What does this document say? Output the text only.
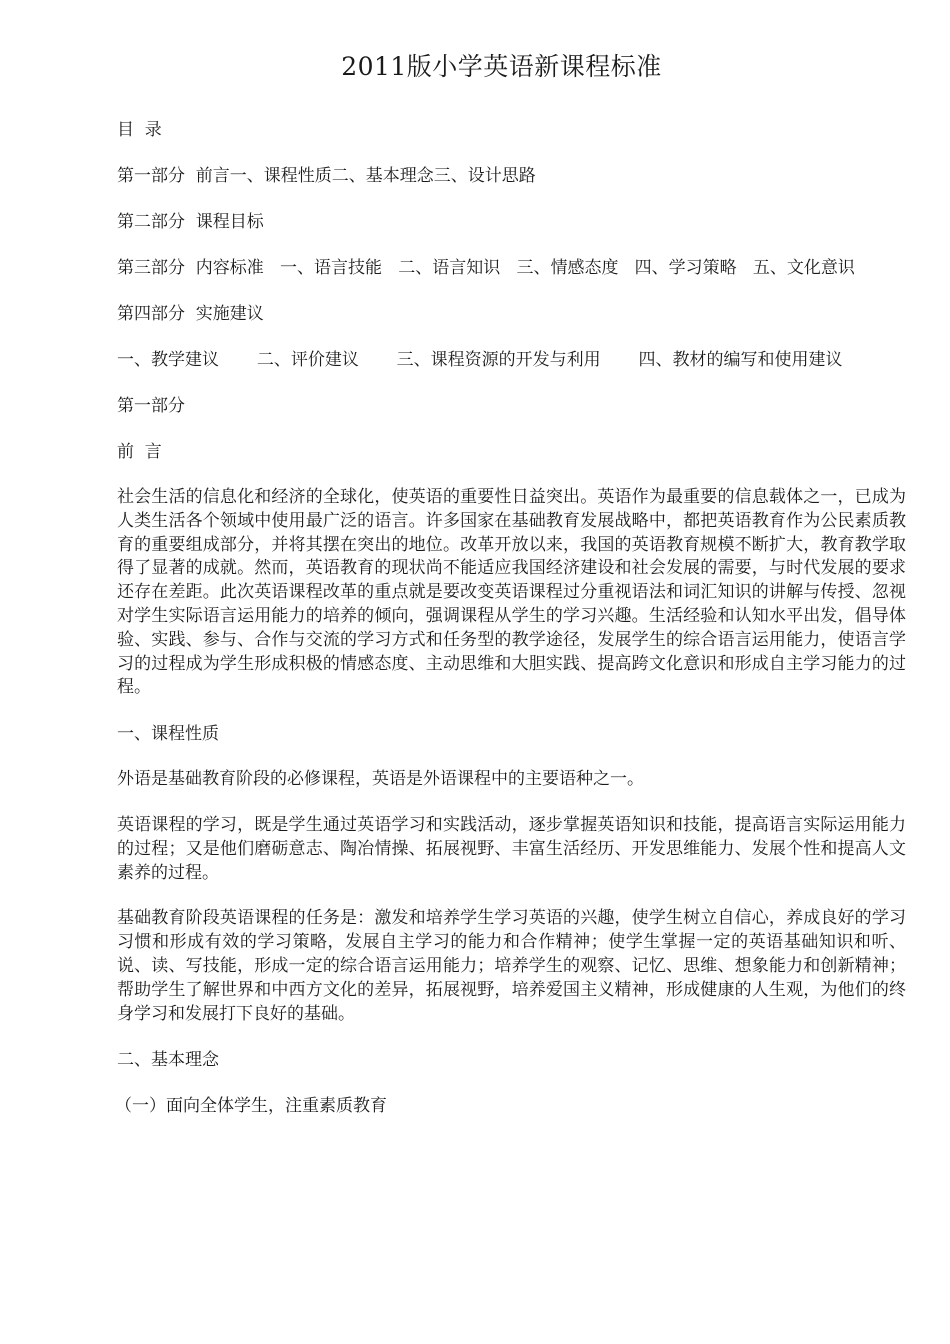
2011版小学英语新课程标准

目  录

第一部分  前言一、课程性质二、基本理念三、设计思路

第二部分  课程目标

第三部分  内容标准   一、语言技能   二、语言知识   三、情感态度   四、学习策略   五、文化意识

第四部分  实施建议

一、教学建议       二、评价建议       三、课程资源的开发与利用       四、教材的编写和使用建议

第一部分

前  言

社会生活的信息化和经济的全球化，使英语的重要性日益突出。英语作为最重要的信息载体之一，已成为人类生活各个领域中使用最广泛的语言。许多国家在基础教育发展战略中，都把英语教育作为公民素质教育的重要组成部分，并将其摆在突出的地位。改革开放以来，我国的英语教育规模不断扩大，教育教学取得了显著的成就。然而，英语教育的现状尚不能适应我国经济建设和社会发展的需要，与时代发展的要求还存在差距。此次英语课程改革的重点就是要改变英语课程过分重视语法和词汇知识的讲解与传授、忽视对学生实际语言运用能力的培养的倾向，强调课程从学生的学习兴趣。生活经验和认知水平出发，倡导体验、实践、参与、合作与交流的学习方式和任务型的教学途径，发展学生的综合语言运用能力，使语言学习的过程成为学生形成积极的情感态度、主动思维和大胆实践、提高跨文化意识和形成自主学习能力的过程。

一、课程性质

外语是基础教育阶段的必修课程，英语是外语课程中的主要语种之一。

英语课程的学习，既是学生通过英语学习和实践活动，逐步掌握英语知识和技能，提高语言实际运用能力的过程；又是他们磨砺意志、陶冶情操、拓展视野、丰富生活经历、开发思维能力、发展个性和提高人文素养的过程。

基础教育阶段英语课程的任务是：激发和培养学生学习英语的兴趣，使学生树立自信心，养成良好的学习习惯和形成有效的学习策略，发展自主学习的能力和合作精神；使学生掌握一定的英语基础知识和听、说、读、写技能，形成一定的综合语言运用能力；培养学生的观察、记忆、思维、想象能力和创新精神；帮助学生了解世界和中西方文化的差异，拓展视野，培养爱国主义精神，形成健康的人生观，为他们的终身学习和发展打下良好的基础。

二、基本理念

（一）面向全体学生，注重素质教育
